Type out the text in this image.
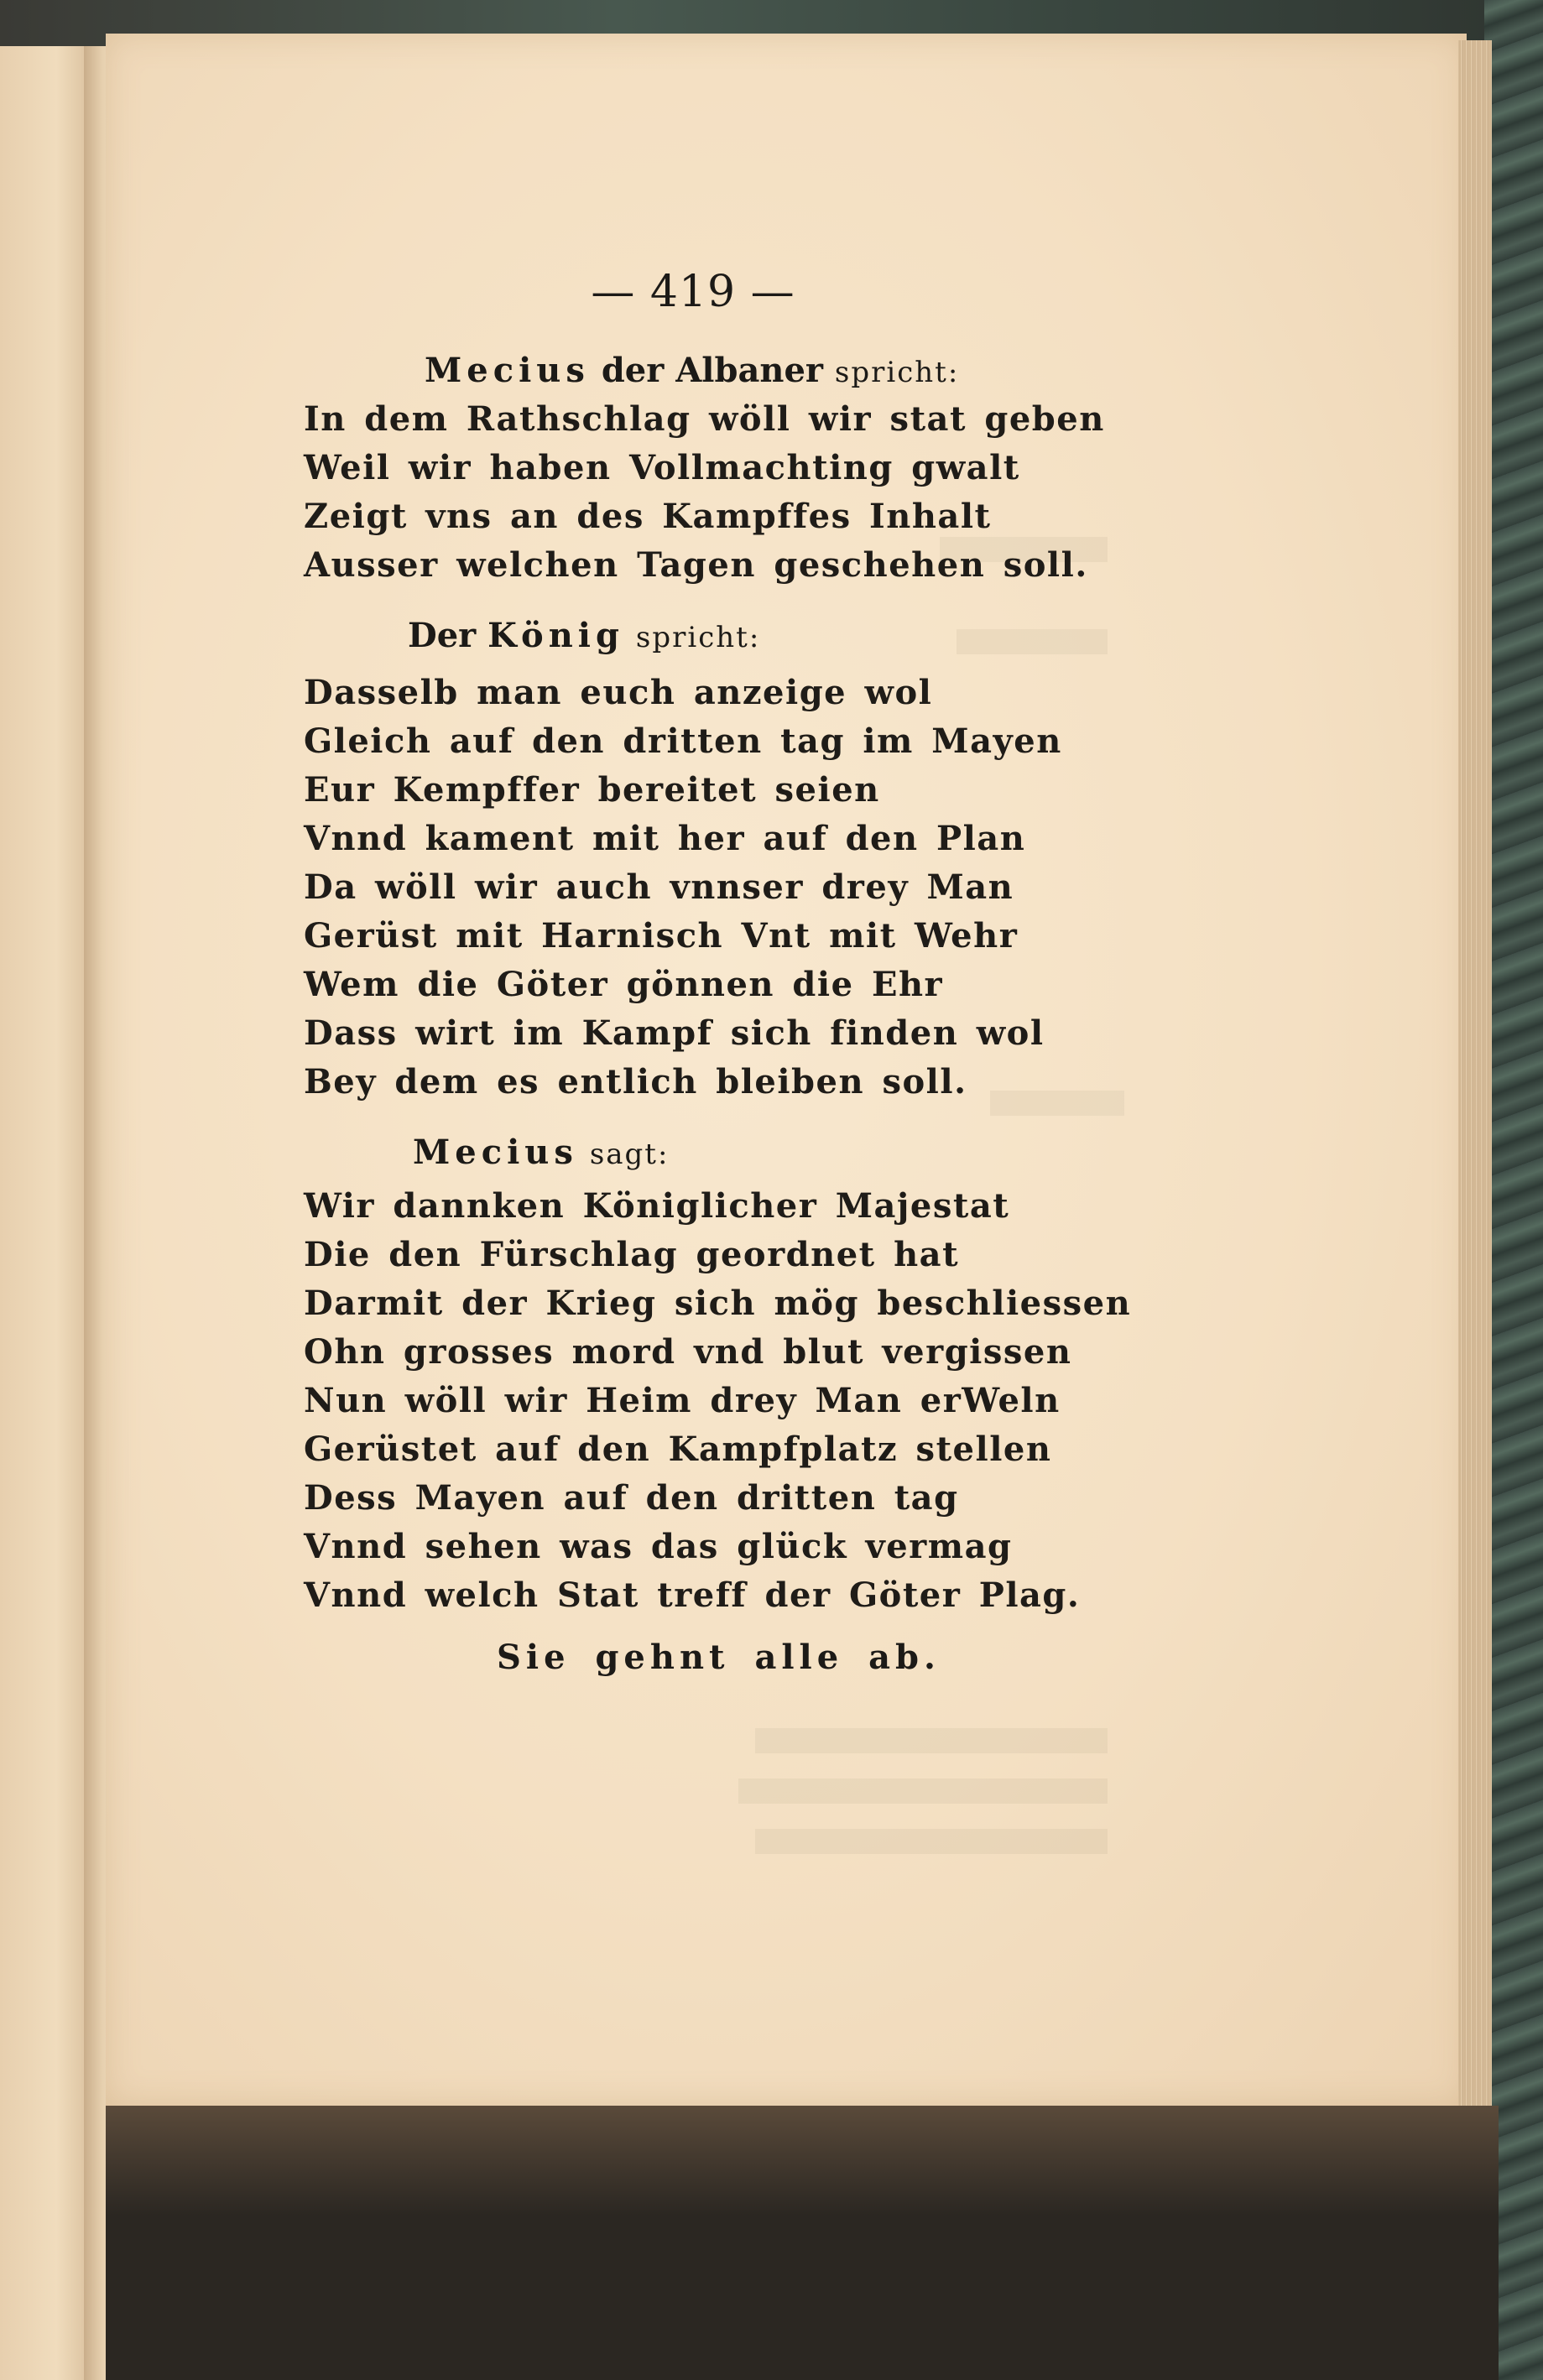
— 419 —
Mecius der Albaner spricht:
In dem Rathschlag wöll wir stat geben
Weil wir haben Vollmachting gwalt
Zeigt vns an des Kampffes Inhalt
Ausser welchen Tagen geschehen soll.
Der König spricht:
Dasselb man euch anzeige wol
Gleich auf den dritten tag im Mayen
Eur Kempffer bereitet seien
Vnnd kament mit her auf den Plan
Da wöll wir auch vnnser drey Man
Gerüst mit Harnisch Vnt mit Wehr
Wem die Göter gönnen die Ehr
Dass wirt im Kampf sich finden wol
Bey dem es entlich bleiben soll.
Mecius sagt:
Wir dannken Königlicher Majestat
Die den Fürschlag geordnet hat
Darmit der Krieg sich mög beschliessen
Ohn grosses mord vnd blut vergissen
Nun wöll wir Heim drey Man erWeln
Gerüstet auf den Kampfplatz stellen
Dess Mayen auf den dritten tag
Vnnd sehen was das glück vermag
Vnnd welch Stat treff der Göter Plag.
Sie gehnt alle ab.
